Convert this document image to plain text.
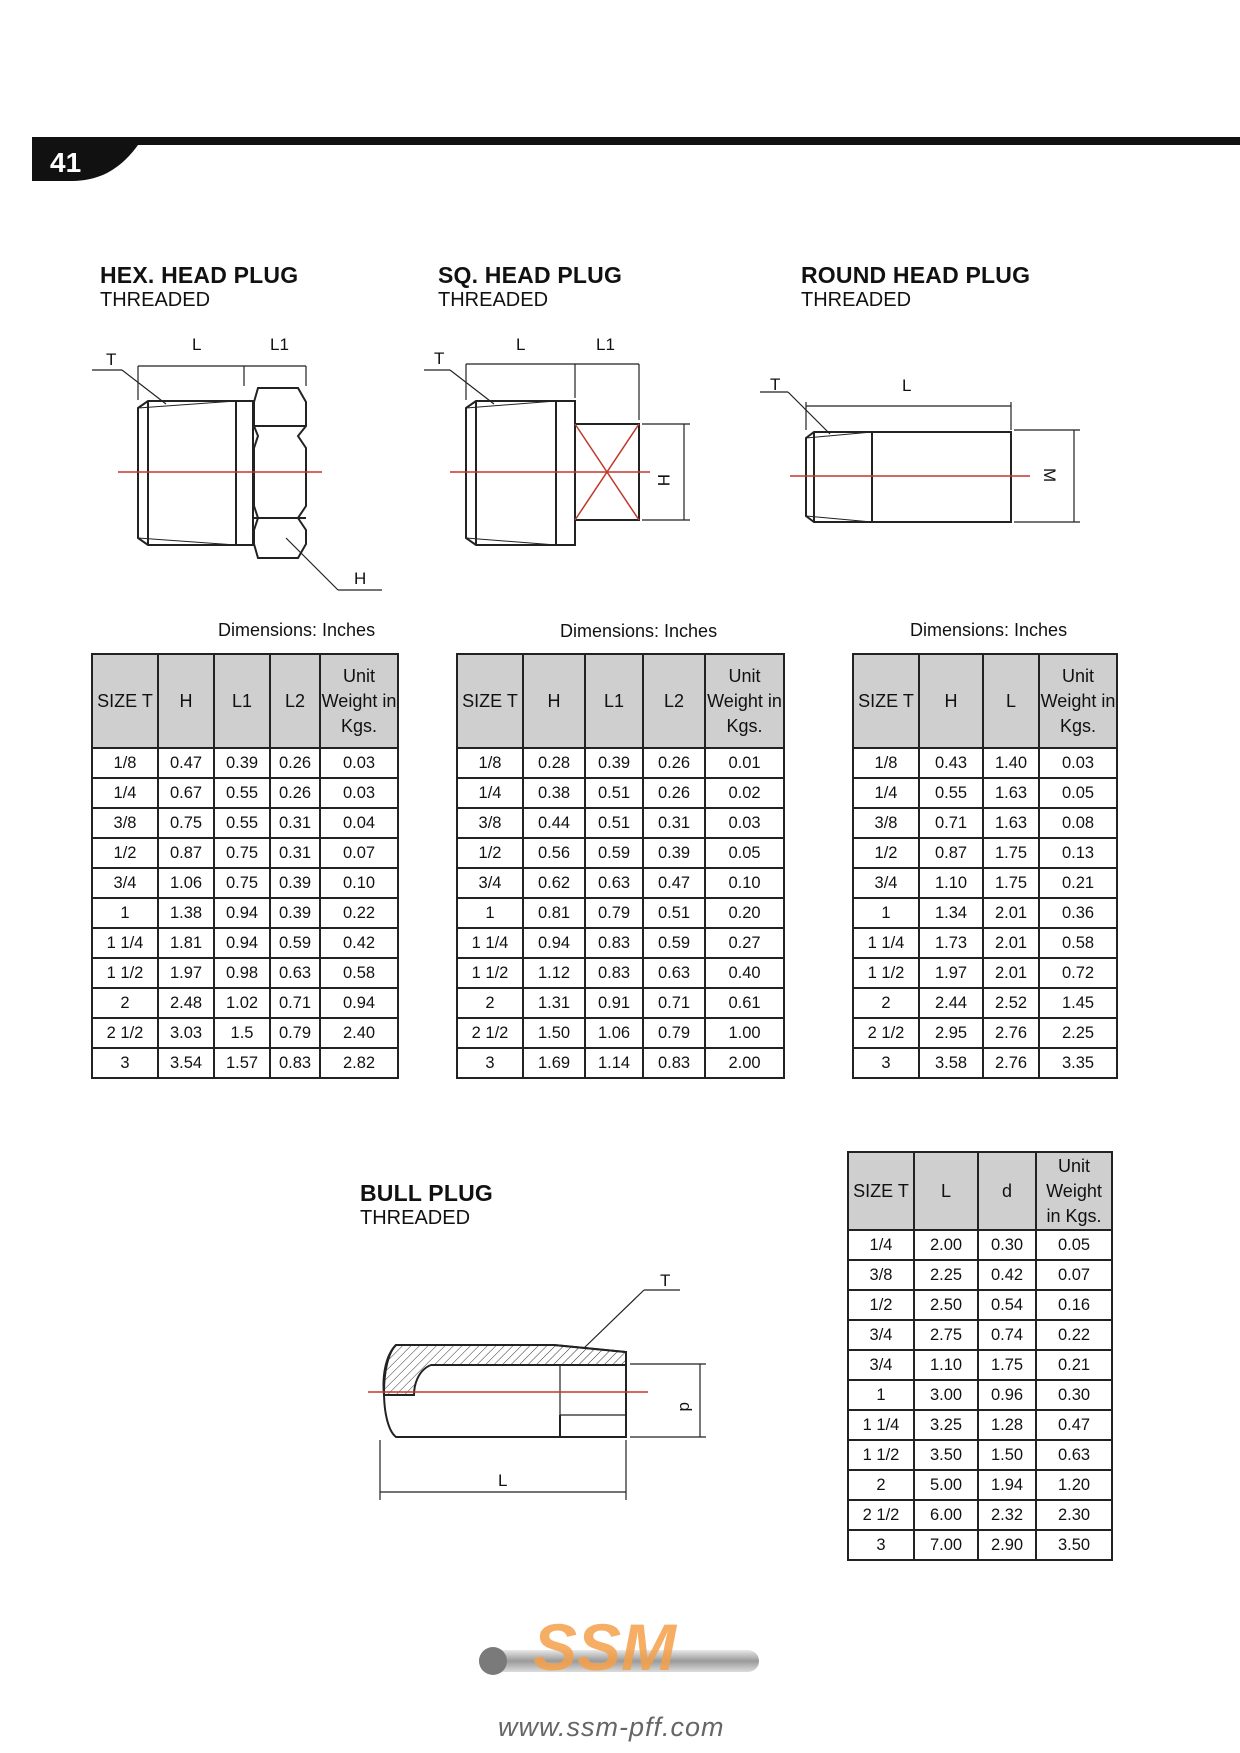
41
HEX. HEAD PLUG
THREADED
SQ. HEAD PLUG
THREADED
ROUND HEAD PLUG
THREADED
L	L1
T
H
L	L1
T
H
L
T
M
Dimensions: Inches	Dimensions: Inches	Dimensions: Inches
SIZE T	H	L1	L2	Unit Weight in Kgs.
1/8	0.47	0.39	0.26	0.03
1/4	0.67	0.55	0.26	0.03
3/8	0.75	0.55	0.31	0.04
1/2	0.87	0.75	0.31	0.07
3/4	1.06	0.75	0.39	0.10
1	1.38	0.94	0.39	0.22
1 1/4	1.81	0.94	0.59	0.42
1 1/2	1.97	0.98	0.63	0.58
2	2.48	1.02	0.71	0.94
2 1/2	3.03	1.5	0.79	2.40
3	3.54	1.57	0.83	2.82
SIZE T	H	L1	L2	Unit Weight in Kgs.
1/8	0.28	0.39	0.26	0.01
1/4	0.38	0.51	0.26	0.02
3/8	0.44	0.51	0.31	0.03
1/2	0.56	0.59	0.39	0.05
3/4	0.62	0.63	0.47	0.10
1	0.81	0.79	0.51	0.20
1 1/4	0.94	0.83	0.59	0.27
1 1/2	1.12	0.83	0.63	0.40
2	1.31	0.91	0.71	0.61
2 1/2	1.50	1.06	0.79	1.00
3	1.69	1.14	0.83	2.00
SIZE T	H	L	Unit Weight in Kgs.
1/8	0.43	1.40	0.03
1/4	0.55	1.63	0.05
3/8	0.71	1.63	0.08
1/2	0.87	1.75	0.13
3/4	1.10	1.75	0.21
1	1.34	2.01	0.36
1 1/4	1.73	2.01	0.58
1 1/2	1.97	2.01	0.72
2	2.44	2.52	1.45
2 1/2	2.95	2.76	2.25
3	3.58	2.76	3.35
BULL PLUG
THREADED
L
T
d
SIZE T	L	d	Unit Weight in Kgs.
1/4	2.00	0.30	0.05
3/8	2.25	0.42	0.07
1/2	2.50	0.54	0.16
3/4	2.75	0.74	0.22
3/4	1.10	1.75	0.21
1	3.00	0.96	0.30
1 1/4	3.25	1.28	0.47
1 1/2	3.50	1.50	0.63
2	5.00	1.94	1.20
2 1/2	6.00	2.32	2.30
3	7.00	2.90	3.50
SSM
www.ssm-pff.com
